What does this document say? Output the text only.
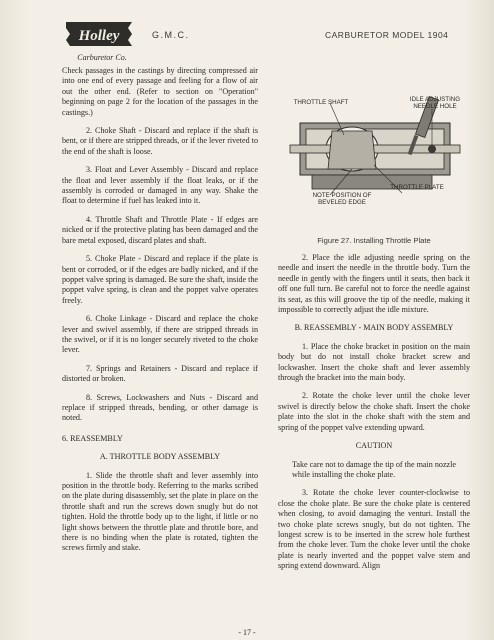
Holley
Carburetor Co.
G.M.C.	CARBURETOR MODEL 1904

Check passages in the castings by directing compressed air into one end of every passage and feeling for a flow of air out the other end. (Refer to section on "Operation" beginning on page 2 for the location of the passages in the castings.)

2. Choke Shaft - Discard and replace if the shaft is bent, or if there are stripped threads, or if the lever riveted to the end of the shaft is loose.

3. Float and Lever Assembly - Discard and replace the float and lever assembly if the float leaks, or if the assembly is corroded or damaged in any way. Shake the float to determine if fuel has leaked into it.

4. Throttle Shaft and Throttle Plate - If edges are nicked or if the protective plating has been damaged and the bare metal exposed, discard plates and shaft.

5. Choke Plate - Discard and replace if the plate is bent or corroded, or if the edges are badly nicked, and if the poppet valve spring is damaged. Be sure the shaft, inside the poppet valve spring, is clean and the poppet valve operates freely.

6. Choke Linkage - Discard and replace the choke lever and swivel assembly, if there are stripped threads in the swivel, or if it is no longer securely riveted to the choke lever.

7. Springs and Retainers - Discard and replace if distorted or broken.

8. Screws, Lockwashers and Nuts - Discard and replace if stripped threads, bending, or other damage is noted.

6. REASSEMBLY

A. THROTTLE BODY ASSEMBLY

1. Slide the throttle shaft and lever assembly into position in the throttle body. Referring to the marks scribed on the plate during disassembly, set the plate in place on the throttle shaft and run the screws down snugly but do not tighten. Hold the throttle body up to the light, if little or no light shows between the throttle plate and throttle bore, and there is no binding when the plate is rotated, tighten the screws firmly and stake.

THROTTLE SHAFT	IDLE ADJUSTING NEEDLE HOLE
THROTTLE PLATE
NOTE POSITION OF BEVELED EDGE
Figure 27. Installing Throttle Plate

2. Place the idle adjusting needle spring on the needle and insert the needle in the throttle body. Turn the needle in gently with the fingers until it seats, then back it off one full turn. Be careful not to force the needle against its seat, as this will groove the tip of the needle, making it impossible to correctly adjust the idle mixture.

B. REASSEMBLY - MAIN BODY ASSEMBLY

1. Place the choke bracket in position on the main body but do not install choke bracket screw and lockwasher. Insert the choke shaft and lever assembly through the bracket into the main body.

2. Rotate the choke lever until the choke lever swivel is directly below the choke shaft. Insert the choke plate into the slot in the choke shaft with the stem and spring of the poppet valve extending upward.

CAUTION

Take care not to damage the tip of the main nozzle while installing the choke plate.

3. Rotate the choke lever counter-clockwise to close the choke plate. Be sure the choke plate is centered when closing, to avoid damaging the venturi. Install the two choke plate screws snugly, but do not tighten. The longest screw is to be inserted in the screw hole furthest from the choke lever. Turn the choke lever until the choke plate is nearly inverted and the poppet valve stem and spring extend downward. Align

- 17 -
